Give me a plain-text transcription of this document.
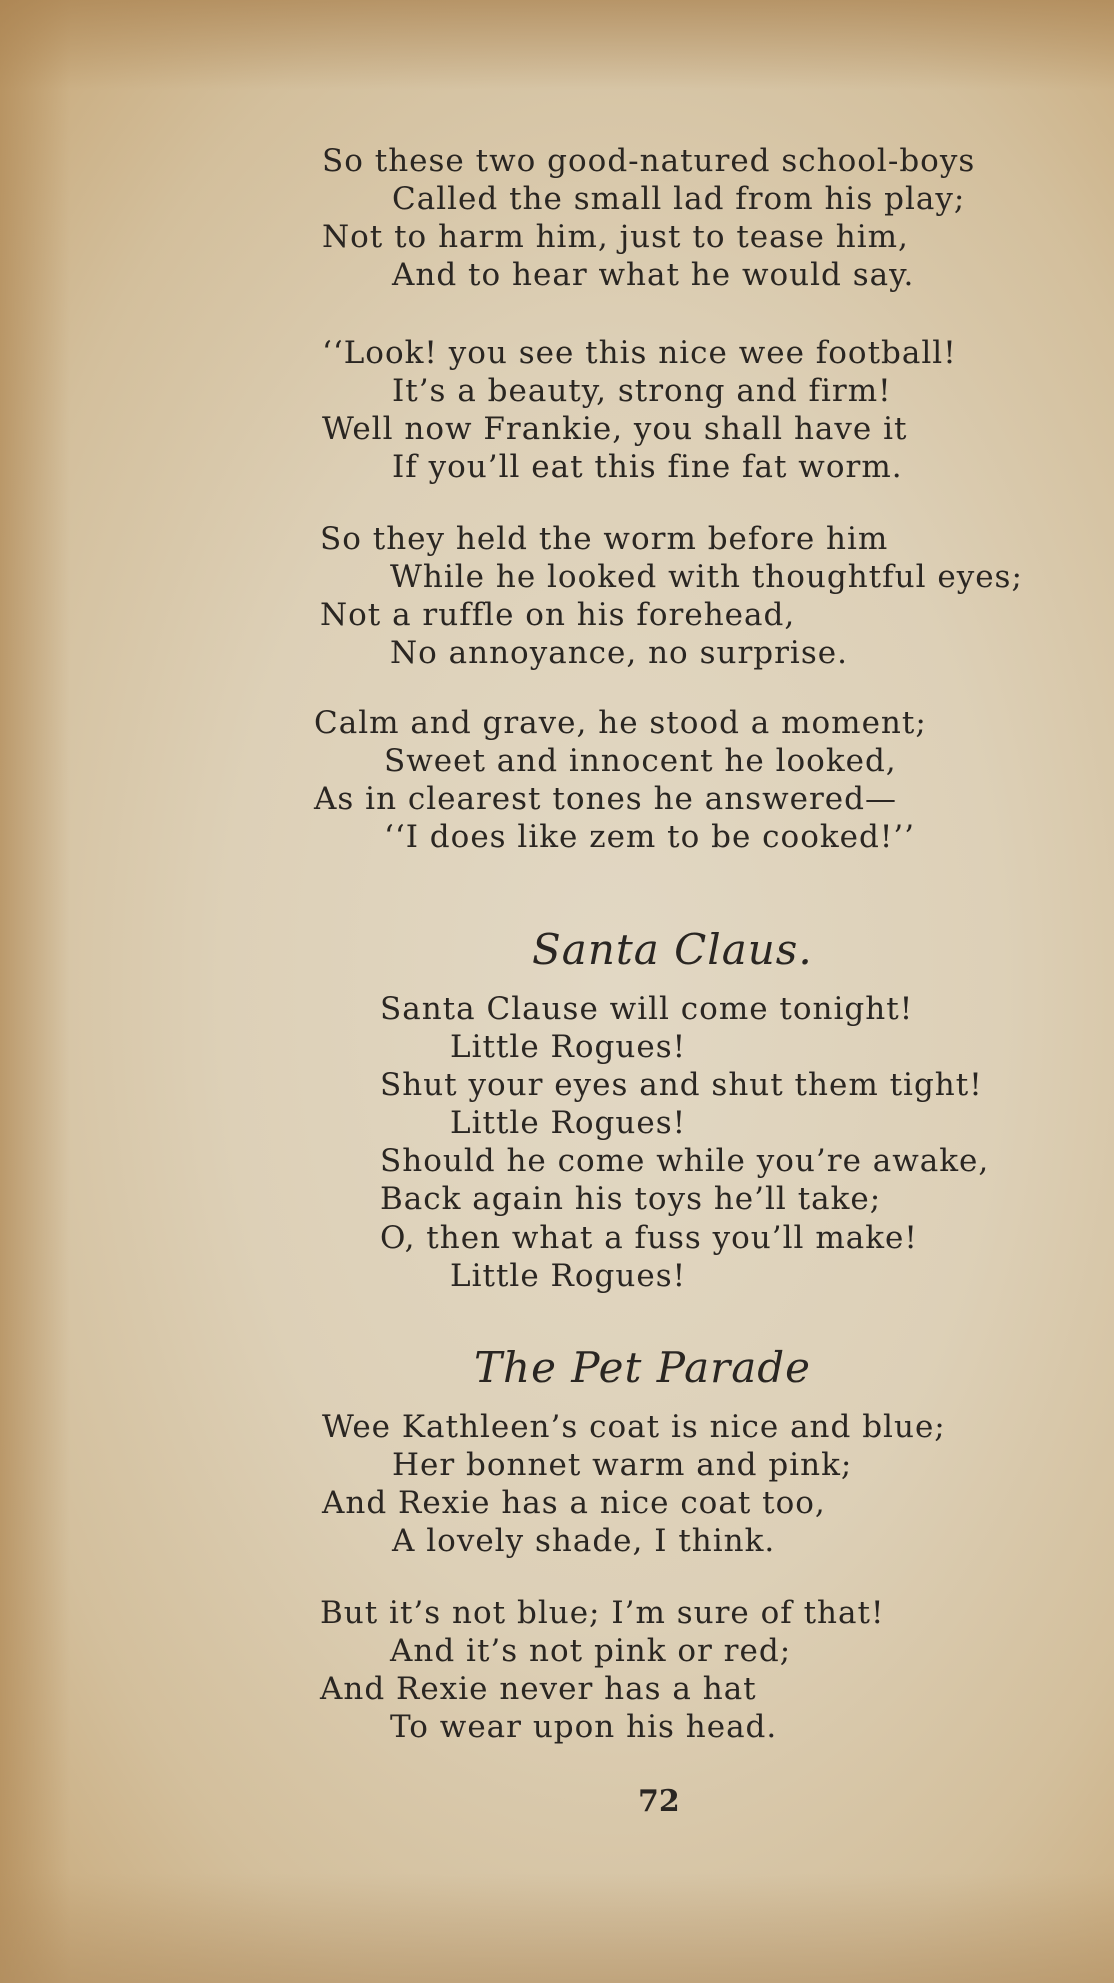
So these two good-natured school-boys
Called the small lad from his play;
Not to harm him, just to tease him,
And to hear what he would say.
‘‘Look! you see this nice wee football!
It’s a beauty, strong and firm!
Well now Frankie, you shall have it
If you’ll eat this fine fat worm.
So they held the worm before him
While he looked with thoughtful eyes;
Not a ruffle on his forehead,
No annoyance, no surprise.
Calm and grave, he stood a moment;
Sweet and innocent he looked,
As in clearest tones he answered—
‘‘I does like zem to be cooked!’’
Santa Claus.
Santa Clause will come tonight!
Little Rogues!
Shut your eyes and shut them tight!
Little Rogues!
Should he come while you’re awake,
Back again his toys he’ll take;
O, then what a fuss you’ll make!
Little Rogues!
The Pet Parade
Wee Kathleen’s coat is nice and blue;
Her bonnet warm and pink;
And Rexie has a nice coat too,
A lovely shade, I think.
But it’s not blue; I’m sure of that!
And it’s not pink or red;
And Rexie never has a hat
To wear upon his head.
72
